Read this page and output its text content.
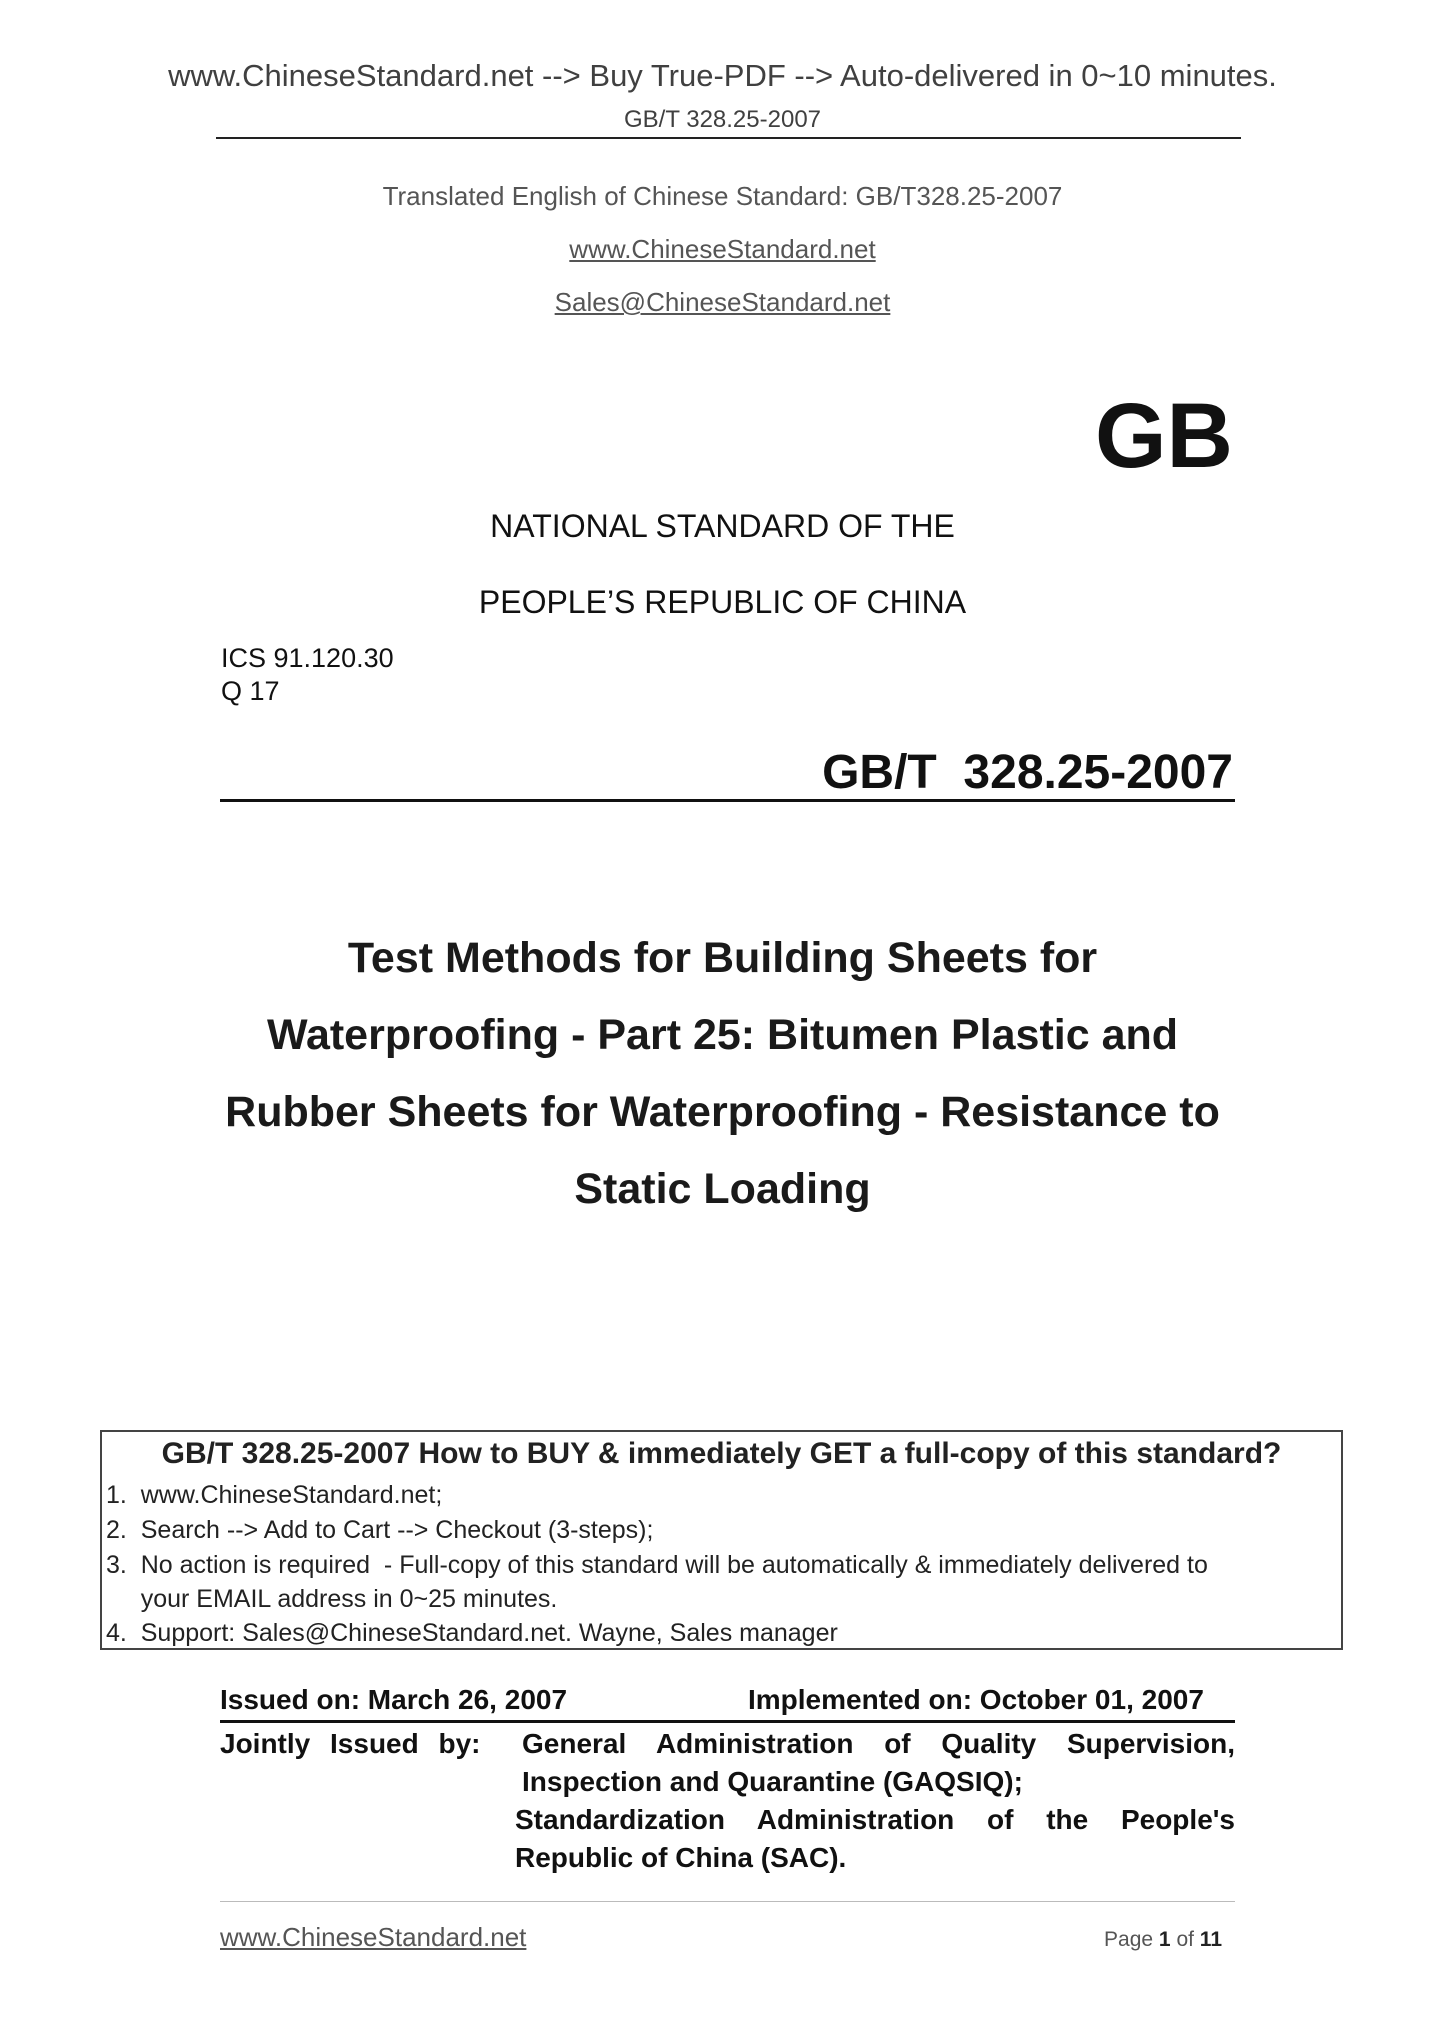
www.ChineseStandard.net --> Buy True-PDF --> Auto-delivered in 0~10 minutes.
GB/T 328.25-2007
Translated English of Chinese Standard: GB/T328.25-2007
www.ChineseStandard.net
Sales@ChineseStandard.net
GB
NATIONAL STANDARD OF THE
PEOPLE’S REPUBLIC OF CHINA
ICS 91.120.30
Q 17
GB/T  328.25-2007
Test Methods for Building Sheets for
Waterproofing - Part 25: Bitumen Plastic and
Rubber Sheets for Waterproofing - Resistance to
Static Loading
GB/T 328.25-2007 How to BUY & immediately GET a full-copy of this standard?
1.  www.ChineseStandard.net;
2.  Search --> Add to Cart --> Checkout (3-steps);
3.  No action is required  - Full-copy of this standard will be automatically & immediately delivered to
your EMAIL address in 0~25 minutes.
4.  Support: Sales@ChineseStandard.net. Wayne, Sales manager
Issued on: March 26, 2007	Implemented on: October 01, 2007
Jointly Issued by: General Administration of Quality Supervision,
Inspection and Quarantine (GAQSIQ);
Standardization Administration of the People's
Republic of China (SAC).
www.ChineseStandard.net	Page 1 of 11
